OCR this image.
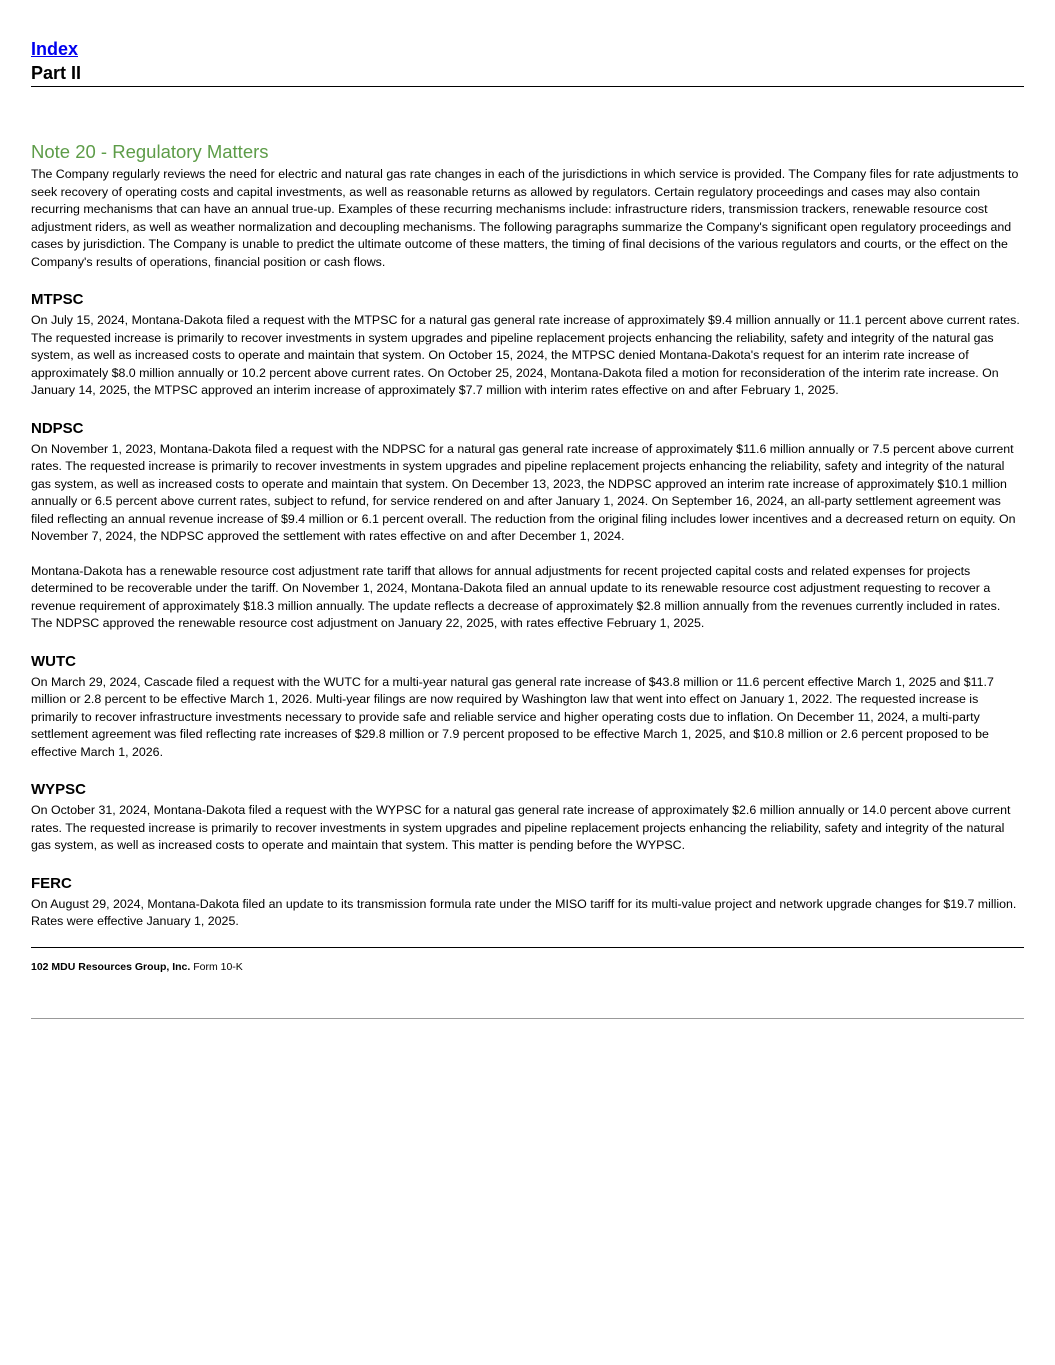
Index
Part II
Note 20 - Regulatory Matters

The Company regularly reviews the need for electric and natural gas rate changes in each of the jurisdictions in which service is provided. The Company files for rate adjustments to seek recovery of operating costs and capital investments, as well as reasonable returns as allowed by regulators. Certain regulatory proceedings and cases may also contain recurring mechanisms that can have an annual true-up. Examples of these recurring mechanisms include: infrastructure riders, transmission trackers, renewable resource cost adjustment riders, as well as weather normalization and decoupling mechanisms. The following paragraphs summarize the Company's significant open regulatory proceedings and cases by jurisdiction. The Company is unable to predict the ultimate outcome of these matters, the timing of final decisions of the various regulators and courts, or the effect on the Company's results of operations, financial position or cash flows.

MTPSC

On July 15, 2024, Montana-Dakota filed a request with the MTPSC for a natural gas general rate increase of approximately $9.4 million annually or 11.1 percent above current rates. The requested increase is primarily to recover investments in system upgrades and pipeline replacement projects enhancing the reliability, safety and integrity of the natural gas system, as well as increased costs to operate and maintain that system. On October 15, 2024, the MTPSC denied Montana-Dakota's request for an interim rate increase of approximately $8.0 million annually or 10.2 percent above current rates. On October 25, 2024, Montana-Dakota filed a motion for reconsideration of the interim rate increase. On January 14, 2025, the MTPSC approved an interim increase of approximately $7.7 million with interim rates effective on and after February 1, 2025.

NDPSC

On November 1, 2023, Montana-Dakota filed a request with the NDPSC for a natural gas general rate increase of approximately $11.6 million annually or 7.5 percent above current rates. The requested increase is primarily to recover investments in system upgrades and pipeline replacement projects enhancing the reliability, safety and integrity of the natural gas system, as well as increased costs to operate and maintain that system. On December 13, 2023, the NDPSC approved an interim rate increase of approximately $10.1 million annually or 6.5 percent above current rates, subject to refund, for service rendered on and after January 1, 2024. On September 16, 2024, an all-party settlement agreement was filed reflecting an annual revenue increase of $9.4 million or 6.1 percent overall. The reduction from the original filing includes lower incentives and a decreased return on equity. On November 7, 2024, the NDPSC approved the settlement with rates effective on and after December 1, 2024.

Montana-Dakota has a renewable resource cost adjustment rate tariff that allows for annual adjustments for recent projected capital costs and related expenses for projects determined to be recoverable under the tariff. On November 1, 2024, Montana-Dakota filed an annual update to its renewable resource cost adjustment requesting to recover a revenue requirement of approximately $18.3 million annually. The update reflects a decrease of approximately $2.8 million annually from the revenues currently included in rates. The NDPSC approved the renewable resource cost adjustment on January 22, 2025, with rates effective February 1, 2025.

WUTC

On March 29, 2024, Cascade filed a request with the WUTC for a multi-year natural gas general rate increase of $43.8 million or 11.6 percent effective March 1, 2025 and $11.7 million or 2.8 percent to be effective March 1, 2026. Multi-year filings are now required by Washington law that went into effect on January 1, 2022. The requested increase is primarily to recover infrastructure investments necessary to provide safe and reliable service and higher operating costs due to inflation. On December 11, 2024, a multi-party settlement agreement was filed reflecting rate increases of $29.8 million or 7.9 percent proposed to be effective March 1, 2025, and $10.8 million or 2.6 percent proposed to be effective March 1, 2026.

WYPSC

On October 31, 2024, Montana-Dakota filed a request with the WYPSC for a natural gas general rate increase of approximately $2.6 million annually or 14.0 percent above current rates. The requested increase is primarily to recover investments in system upgrades and pipeline replacement projects enhancing the reliability, safety and integrity of the natural gas system, as well as increased costs to operate and maintain that system. This matter is pending before the WYPSC.

FERC

On August 29, 2024, Montana-Dakota filed an update to its transmission formula rate under the MISO tariff for its multi-value project and network upgrade changes for $19.7 million. Rates were effective January 1, 2025.

102 MDU Resources Group, Inc. Form 10-K
